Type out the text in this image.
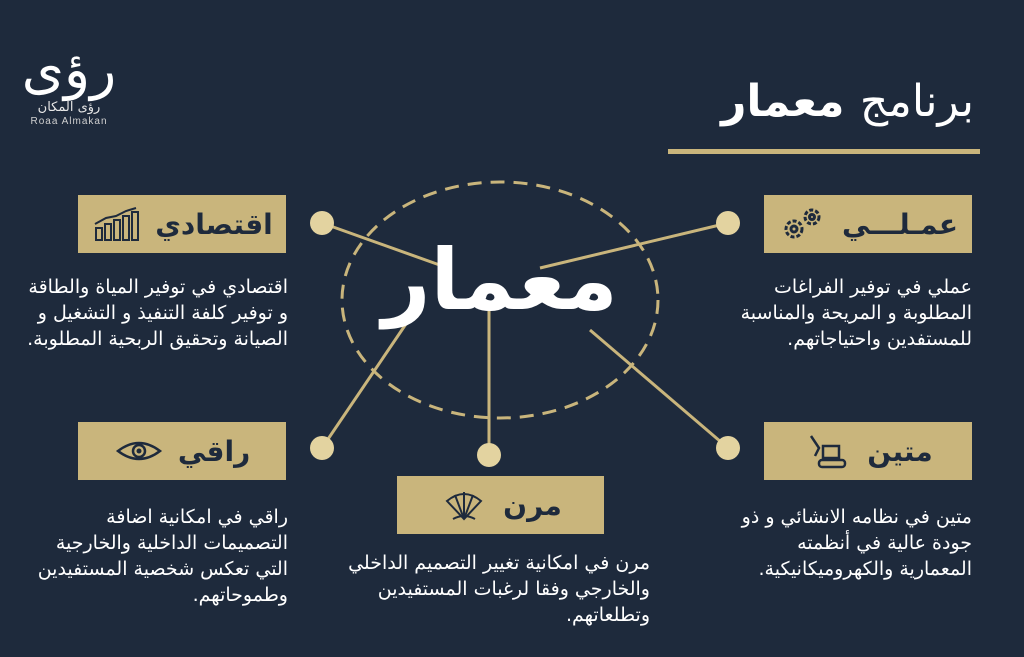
رؤى
رؤى المكان
Roaa Almakan	برنامج معمار
معمار
اقتصادي
اقتصادي في توفير المياة والطاقة و توفير كلفة التنفيذ و التشغيل و الصيانة وتحقيق الربحية المطلوبة.
عمـلـــي
عملي في توفير الفراغات المطلوبة و المريحة والمناسبة للمستفدين واحتياجاتهم.
راقي
راقي في امكانية اضافة التصميمات الداخلية والخارجية التي تعكس شخصية المستفيدين وطموحاتهم.
مرن
مرن في امكانية تغيير التصميم الداخلي والخارجي وفقا لرغبات المستفيدين وتطلعاتهم.
متين
متين في نظامه الانشائي و ذو جودة عالية في أنظمته المعمارية والكهروميكانيكية.
